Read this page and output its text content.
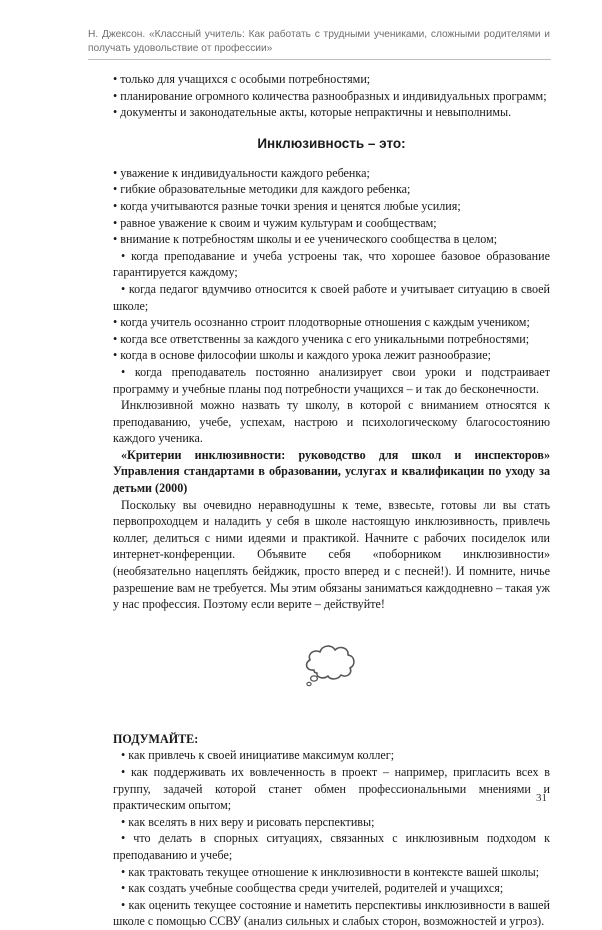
Н. Джексон. «Классный учитель: Как работать с трудными учениками, сложными родителями и получать удовольствие от профессии»

• только для учащихся с особыми потребностями;

• планирование огромного количества разнообразных и индивидуальных программ;

• документы и законодательные акты, которые непрактичны и невыполнимы.

Инклюзивность – это:

• уважение к индивидуальности каждого ребенка;

• гибкие образовательные методики для каждого ребенка;

• когда учитываются разные точки зрения и ценятся любые усилия;

• равное уважение к своим и чужим культурам и сообществам;

• внимание к потребностям школы и ее ученического сообщества в целом;

• когда преподавание и учеба устроены так, что хорошее базовое образование гарантируется каждому;

• когда педагог вдумчиво относится к своей работе и учитывает ситуацию в своей школе;

• когда учитель осознанно строит плодотворные отношения с каждым учеником;

• когда все ответственны за каждого ученика с его уникальными потребностями;

• когда в основе философии школы и каждого урока лежит разнообразие;

• когда преподаватель постоянно анализирует свои уроки и подстраивает программу и учебные планы под потребности учащихся – и так до бесконечности.

Инклюзивной можно назвать ту школу, в которой с вниманием относятся к преподаванию, учебе, успехам, настрою и психологическому благосостоянию каждого ученика.

«Критерии инклюзивности: руководство для школ и инспекторов» Управления стандартами в образовании, услугах и квалификации по уходу за детьми (2000)

Поскольку вы очевидно неравнодушны к теме, взвесьте, готовы ли вы стать первопроходцем и наладить у себя в школе настоящую инклюзивность, привлечь коллег, делиться с ними идеями и практикой. Начните с рабочих посиделок или интернет-конференции. Объявите себя «поборником инклюзивности» (необязательно нацеплять бейджик, просто вперед и с песней!). И помните, ничье разрешение вам не требуется. Мы этим обязаны заниматься каждодневно – такая уж у нас профессия. Поэтому если верите – действуйте!

ПОДУМАЙТЕ:

• как привлечь к своей инициативе максимум коллег;

• как поддерживать их вовлеченность в проект – например, пригласить всех в группу, задачей которой станет обмен профессиональными мнениями и практическим опытом;

• как вселять в них веру и рисовать перспективы;

• что делать в спорных ситуациях, связанных с инклюзивным подходом к преподаванию и учебе;

• как трактовать текущее отношение к инклюзивности в контексте вашей школы;

• как создать учебные сообщества среди учителей, родителей и учащихся;

• как оценить текущее состояние и наметить перспективы инклюзивности в вашей школе с помощью ССВУ (анализ сильных и слабых сторон, возможностей и угроз).

31
